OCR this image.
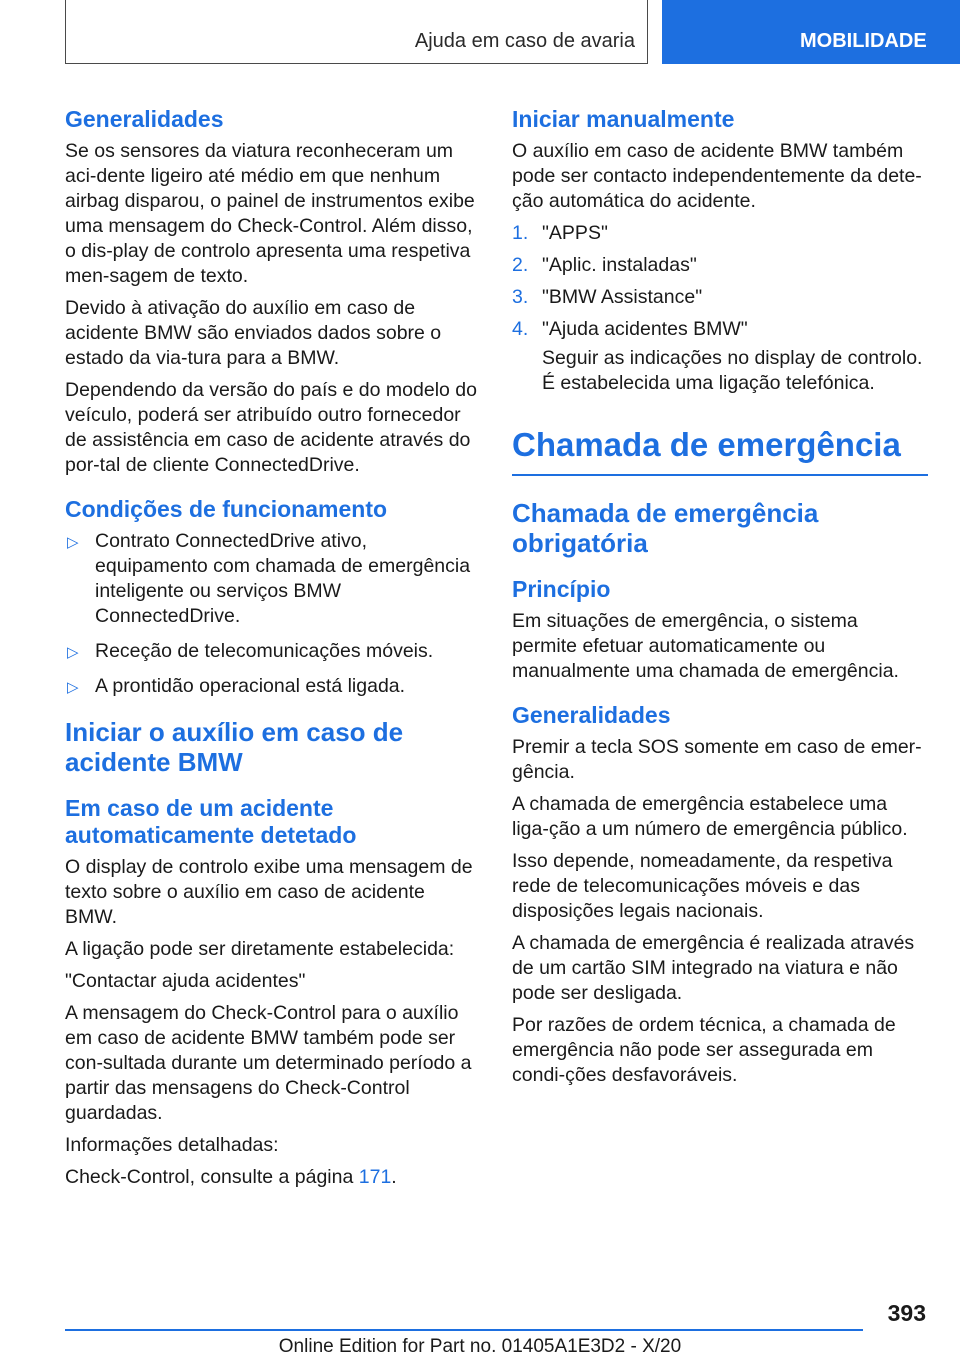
Ajuda em caso de avaria	MOBILIDADE
Generalidades

Se os sensores da viatura reconheceram um aci-dente ligeiro até médio em que nenhum airbag disparou, o painel de instrumentos exibe uma mensagem do Check-Control. Além disso, o dis-play de controlo apresenta uma respetiva men-sagem de texto.

Devido à ativação do auxílio em caso de acidente BMW são enviados dados sobre o estado da via-tura para a BMW.

Dependendo da versão do país e do modelo do veículo, poderá ser atribuído outro fornecedor de assistência em caso de acidente através do por-tal de cliente ConnectedDrive.

Condições de funcionamento
▷ Contrato ConnectedDrive ativo, equipamento com chamada de emergência inteligente ou serviços BMW ConnectedDrive.
▷ Receção de telecomunicações móveis.
▷ A prontidão operacional está ligada.
Iniciar o auxílio em caso de acidente BMW
Em caso de um acidente automaticamente detetado

O display de controlo exibe uma mensagem de texto sobre o auxílio em caso de acidente BMW.

A ligação pode ser diretamente estabelecida:

"Contactar ajuda acidentes"

A mensagem do Check-Control para o auxílio em caso de acidente BMW também pode ser con-sultada durante um determinado período a partir das mensagens do Check-Control guardadas.

Informações detalhadas:

Check-Control, consulte a página 171.

Iniciar manualmente

O auxílio em caso de acidente BMW também pode ser contacto independentemente da dete-ção automática do acidente.

1. "APPS"
2. "Aplic. instaladas"
3. "BMW Assistance"
4. "Ajuda acidentes BMW"
Seguir as indicações no display de controlo. É estabelecida uma ligação telefónica.
Chamada de emergência
Chamada de emergência obrigatória
Princípio

Em situações de emergência, o sistema permite efetuar automaticamente ou manualmente uma chamada de emergência.

Generalidades

Premir a tecla SOS somente em caso de emer-gência.

A chamada de emergência estabelece uma liga-ção a um número de emergência público.

Isso depende, nomeadamente, da respetiva rede de telecomunicações móveis e das disposições legais nacionais.

A chamada de emergência é realizada através de um cartão SIM integrado na viatura e não pode ser desligada.

Por razões de ordem técnica, a chamada de emergência não pode ser assegurada em condi-ções desfavoráveis.

393
Online Edition for Part no. 01405A1E3D2 - X/20
